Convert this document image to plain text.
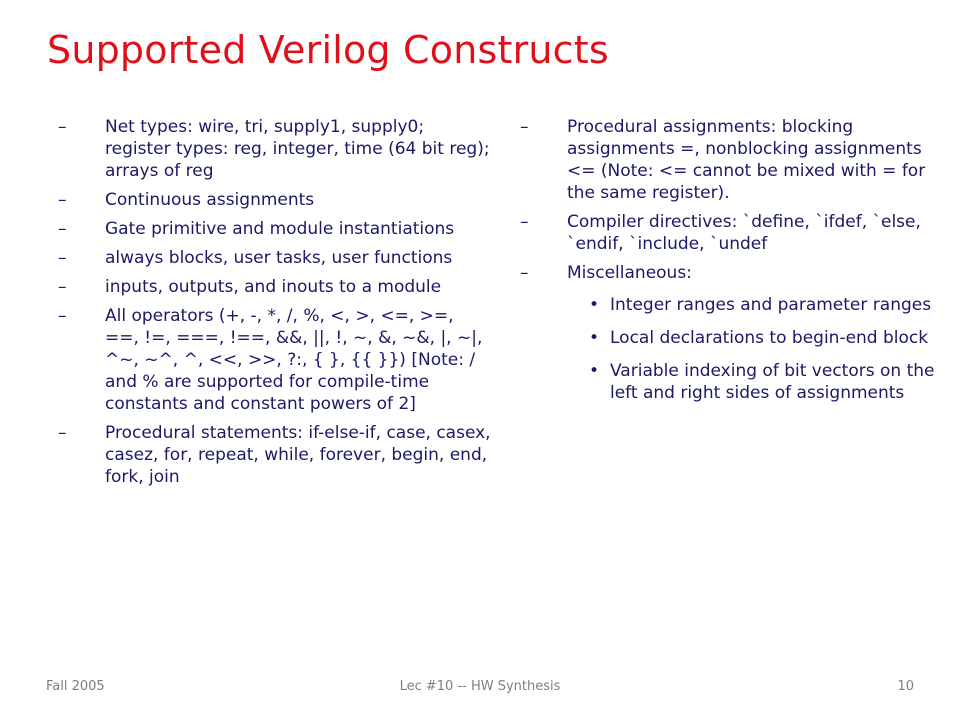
Supported Verilog Constructs
– Net types: wire, tri, supply1, supply0; register types: reg, integer, time (64 bit reg); arrays of reg
– Continuous assignments
– Gate primitive and module instantiations
– always blocks, user tasks, user functions
– inputs, outputs, and inouts to a module
– All operators (+, -, *, /, %, <, >, <=, >=, ==, !=, ===, !==, &&, ||, !, ~, &, ~&, |, ~|, ^~, ~^, ^, <<, >>, ?:, { }, {{ }}) [Note: / and % are supported for compile-time constants and constant powers of 2]
– Procedural statements: if-else-if, case, casex, casez, for, repeat, while, forever, begin, end, fork, join
– Procedural assignments: blocking assignments =, nonblocking assignments <= (Note: <= cannot be mixed with = for the same register).
– Compiler directives: `define, `ifdef, `else, `endif, `include, `undef
– Miscellaneous:
• Integer ranges and parameter ranges
• Local declarations to begin-end block
• Variable indexing of bit vectors on the left and right sides of assignments
Fall 2005	Lec #10 -- HW Synthesis	10
